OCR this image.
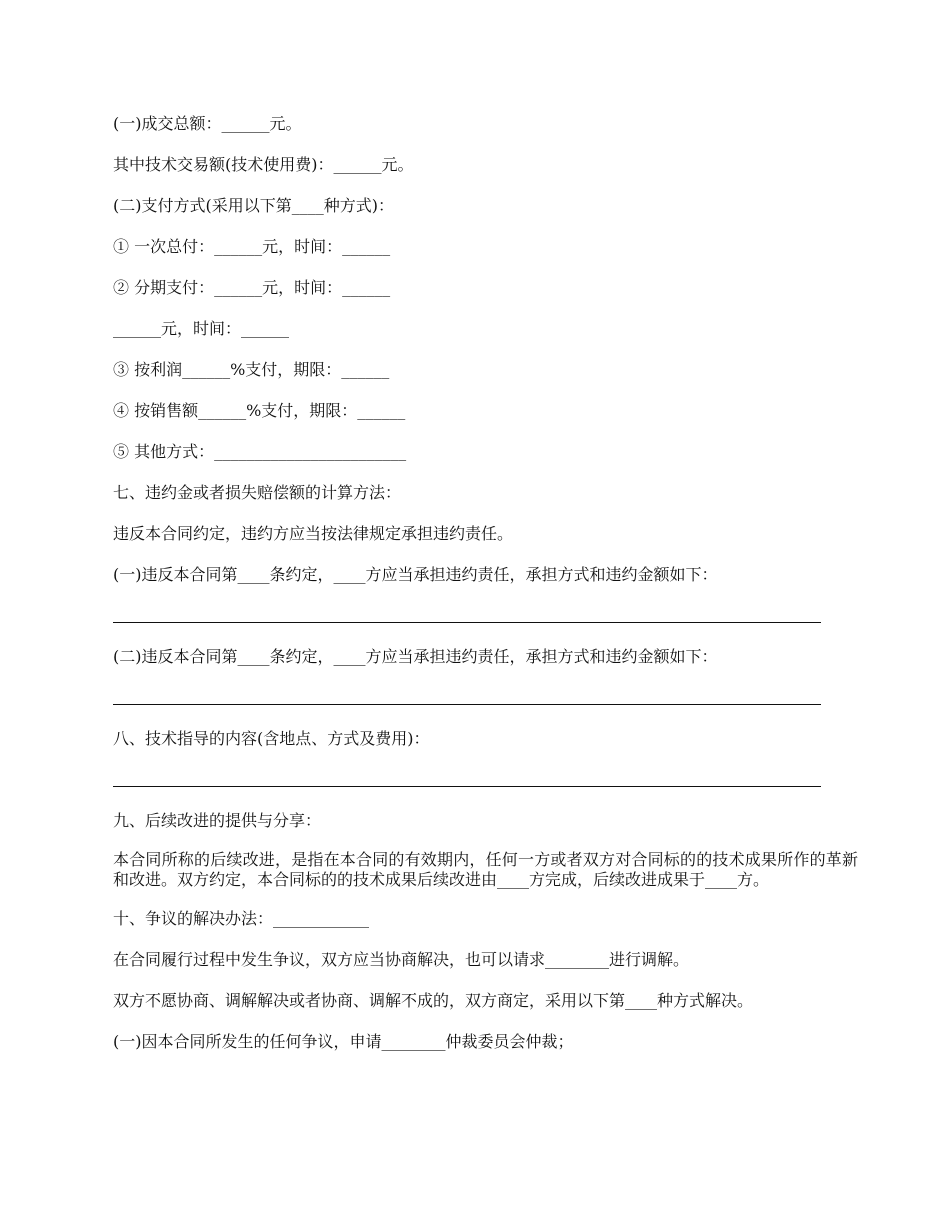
(一)成交总额：______元。
其中技术交易额(技术使用费)：______元。
(二)支付方式(采用以下第____种方式)：
① 一次总付：______元，时间：______
② 分期支付：______元，时间：______
______元，时间：______
③ 按利润______%支付，期限：______
④ 按销售额______%支付，期限：______
⑤ 其他方式：________________________
七、违约金或者损失赔偿额的计算方法：
违反本合同约定，违约方应当按法律规定承担违约责任。
(一)违反本合同第____条约定，____方应当承担违约责任，承担方式和违约金额如下：
(二)违反本合同第____条约定，____方应当承担违约责任，承担方式和违约金额如下：
八、技术指导的内容(含地点、方式及费用)：
九、后续改进的提供与分享：
本合同所称的后续改进，是指在本合同的有效期内，任何一方或者双方对合同标的的技术成果所作的革新和改进。双方约定，本合同标的的技术成果后续改进由____方完成，后续改进成果于____方。
十、争议的解决办法：____________
在合同履行过程中发生争议，双方应当协商解决，也可以请求________进行调解。
双方不愿协商、调解解决或者协商、调解不成的，双方商定，采用以下第____种方式解决。
(一)因本合同所发生的任何争议，申请________仲裁委员会仲裁；
